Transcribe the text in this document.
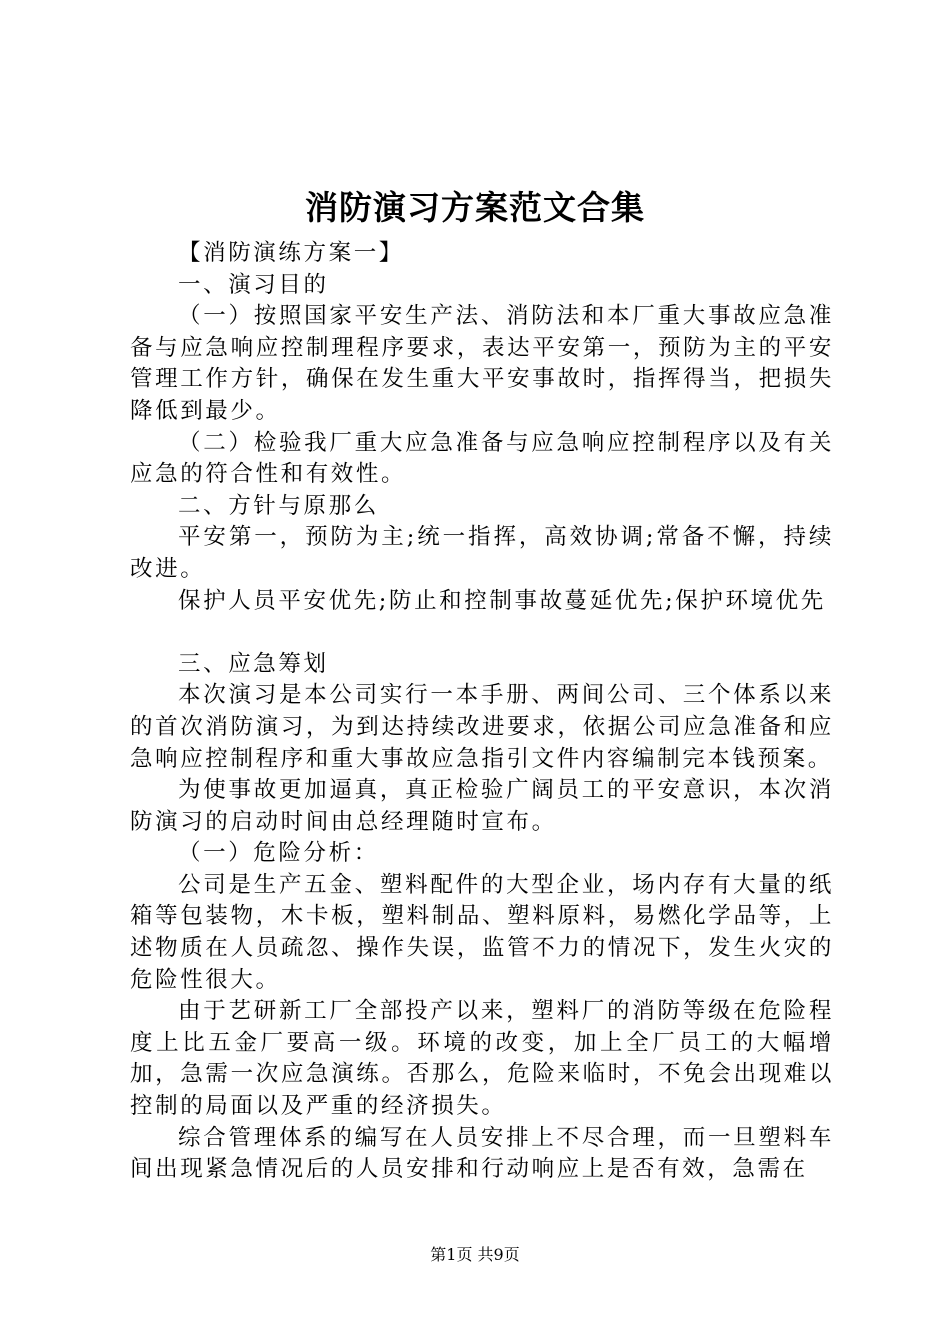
消防演习方案范文合集

【消防演练方案一】

一、演习目的

（一）按照国家平安生产法、消防法和本厂重大事故应急准备与应急响应控制理程序要求，表达平安第一，预防为主的平安管理工作方针，确保在发生重大平安事故时，指挥得当，把损失降低到最少。

（二）检验我厂重大应急准备与应急响应控制程序以及有关应急的符合性和有效性。

二、方针与原那么

平安第一，预防为主;统一指挥，高效协调;常备不懈，持续改进。

保护人员平安优先;防止和控制事故蔓延优先;保护环境优先

三、应急筹划

本次演习是本公司实行一本手册、两间公司、三个体系以来的首次消防演习，为到达持续改进要求，依据公司应急准备和应急响应控制程序和重大事故应急指引文件内容编制完本钱预案。

为使事故更加逼真，真正检验广阔员工的平安意识，本次消防演习的启动时间由总经理随时宣布。

（一）危险分析：

公司是生产五金、塑料配件的大型企业，场内存有大量的纸箱等包装物，木卡板，塑料制品、塑料原料，易燃化学品等，上述物质在人员疏忽、操作失误，监管不力的情况下，发生火灾的危险性很大。

由于艺研新工厂全部投产以来，塑料厂的消防等级在危险程度上比五金厂要高一级。环境的改变，加上全厂员工的大幅增加，急需一次应急演练。否那么，危险来临时，不免会出现难以控制的局面以及严重的经济损失。

综合管理体系的编写在人员安排上不尽合理，而一旦塑料车间出现紧急情况后的人员安排和行动响应上是否有效，急需在

第1页 共9页
